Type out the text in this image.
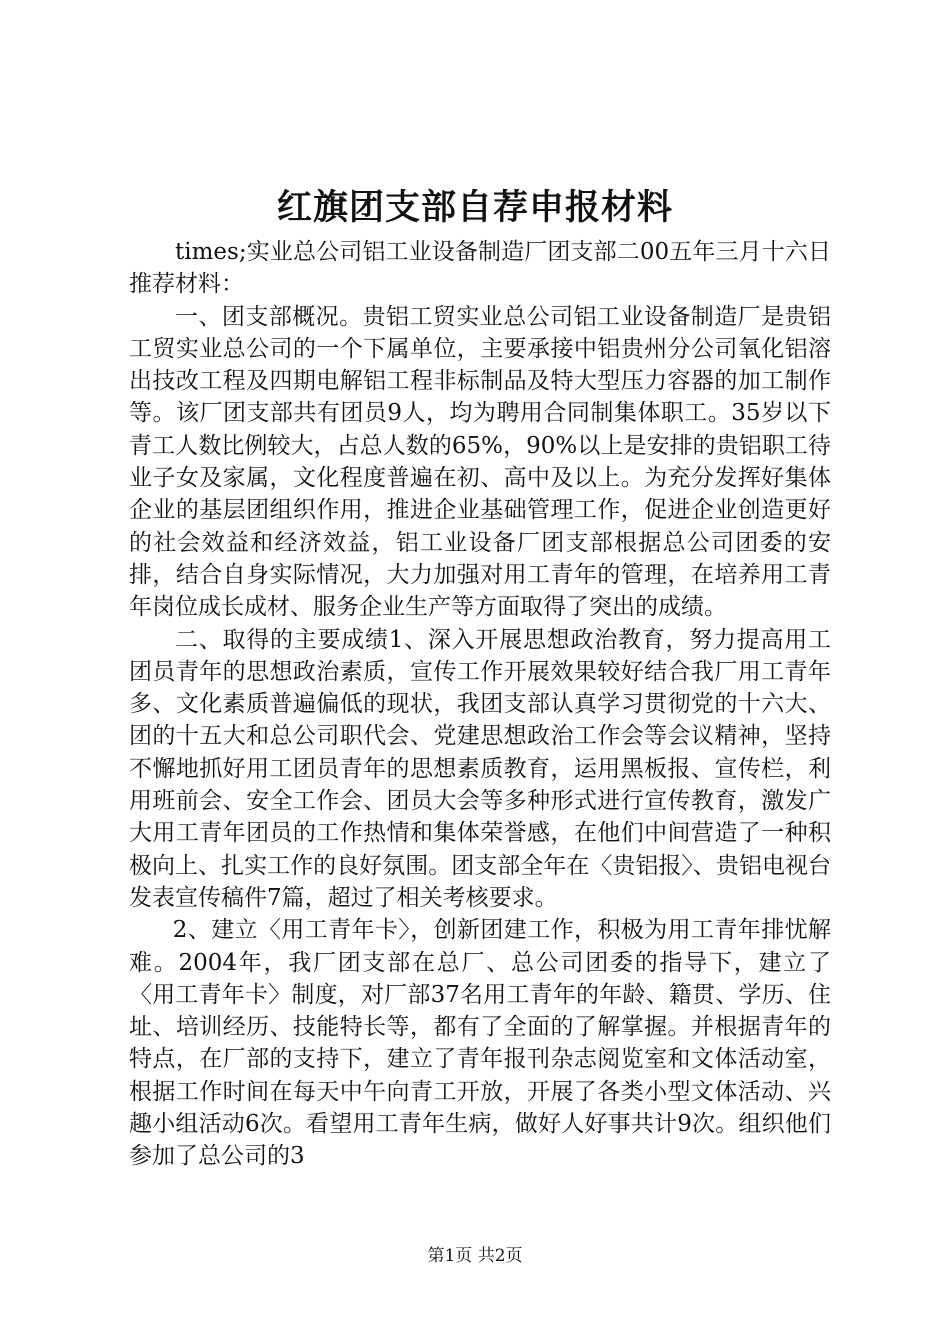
红旗团支部自荐申报材料

times;实业总公司铝工业设备制造厂团支部二00五年三月十六日推荐材料：

一、团支部概况。贵铝工贸实业总公司铝工业设备制造厂是贵铝工贸实业总公司的一个下属单位，主要承接中铝贵州分公司氧化铝溶出技改工程及四期电解铝工程非标制品及特大型压力容器的加工制作等。该厂团支部共有团员9人，均为聘用合同制集体职工。35岁以下青工人数比例较大，占总人数的65%，90%以上是安排的贵铝职工待业子女及家属，文化程度普遍在初、高中及以上。为充分发挥好集体企业的基层团组织作用，推进企业基础管理工作，促进企业创造更好的社会效益和经济效益，铝工业设备厂团支部根据总公司团委的安排，结合自身实际情况，大力加强对用工青年的管理，在培养用工青年岗位成长成材、服务企业生产等方面取得了突出的成绩。

二、取得的主要成绩1、深入开展思想政治教育，努力提高用工团员青年的思想政治素质，宣传工作开展效果较好结合我厂用工青年多、文化素质普遍偏低的现状，我团支部认真学习贯彻党的十六大、团的十五大和总公司职代会、党建思想政治工作会等会议精神，坚持不懈地抓好用工团员青年的思想素质教育，运用黑板报、宣传栏，利用班前会、安全工作会、团员大会等多种形式进行宣传教育，激发广大用工青年团员的工作热情和集体荣誉感，在他们中间营造了一种积极向上、扎实工作的良好氛围。团支部全年在〈贵铝报〉、贵铝电视台发表宣传稿件7篇，超过了相关考核要求。

2、建立〈用工青年卡〉，创新团建工作，积极为用工青年排忧解难。2004年，我厂团支部在总厂、总公司团委的指导下，建立了〈用工青年卡〉制度，对厂部37名用工青年的年龄、籍贯、学历、住址、培训经历、技能特长等，都有了全面的了解掌握。并根据青年的特点，在厂部的支持下，建立了青年报刊杂志阅览室和文体活动室，根据工作时间在每天中午向青工开放，开展了各类小型文体活动、兴趣小组活动6次。看望用工青年生病，做好人好事共计9次。组织他们参加了总公司的3

第1页 共2页
